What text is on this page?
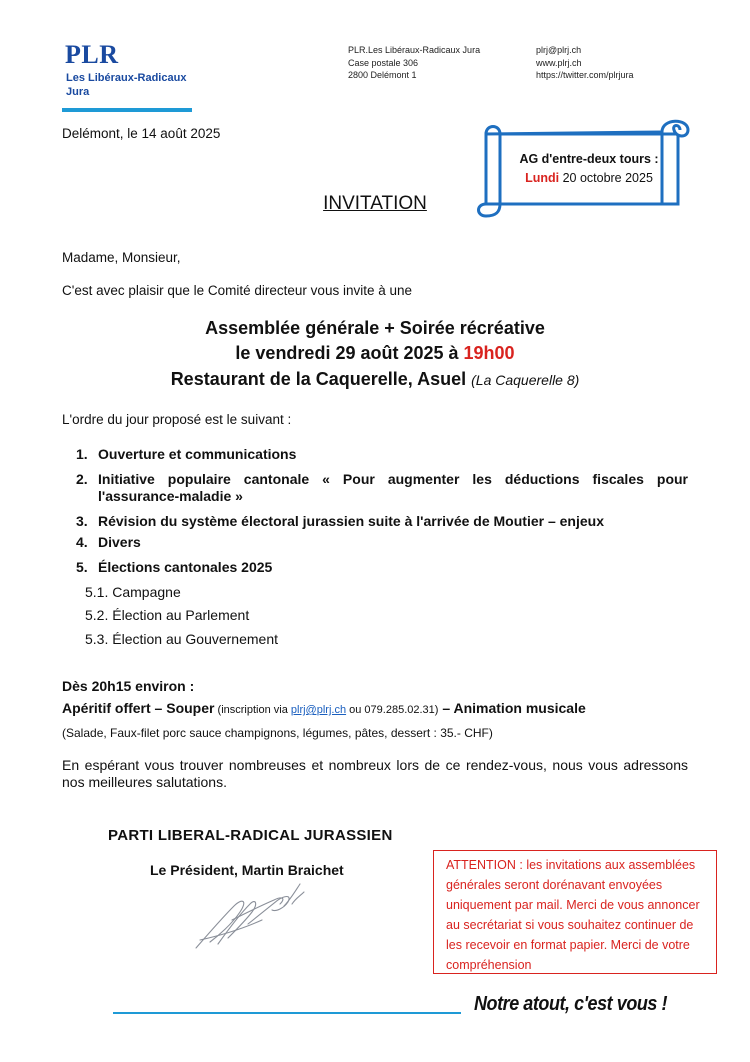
PLR
Les Libéraux-Radicaux
Jura
PLR.Les Libéraux-Radicaux Jura
Case postale 306
2800 Delémont 1
plrj@plrj.ch
www.plrj.ch
https://twitter.com/plrjura
Delémont, le 14 août 2025
AG d'entre-deux tours :
Lundi 20 octobre 2025
INVITATION
Madame, Monsieur,
C'est avec plaisir que le Comité directeur vous invite à une
Assemblée générale + Soirée récréative
le vendredi 29 août 2025 à 19h00
Restaurant de la Caquerelle, Asuel (La Caquerelle 8)
L'ordre du jour proposé est le suivant :
1. Ouverture et communications
2. Initiative populaire cantonale « Pour augmenter les déductions fiscales pour l'assurance-maladie »
3. Révision du système électoral jurassien suite à l'arrivée de Moutier – enjeux
4. Divers
5. Élections cantonales 2025
5.1. Campagne
5.2. Élection au Parlement
5.3. Élection au Gouvernement
Dès 20h15 environ :
Apéritif offert – Souper (inscription via plrj@plrj.ch ou 079.285.02.31) – Animation musicale
(Salade, Faux-filet porc sauce champignons, légumes, pâtes, dessert : 35.- CHF)
En espérant vous trouver nombreuses et nombreux lors de ce rendez-vous, nous vous adressons nos meilleures salutations.
PARTI LIBERAL-RADICAL JURASSIEN
Le Président, Martin Braichet	ATTENTION : les invitations aux assemblées générales seront dorénavant envoyées uniquement par mail. Merci de vous annoncer au secrétariat si vous souhaitez continuer de les recevoir en format papier. Merci de votre compréhension
Notre atout, c'est vous !
